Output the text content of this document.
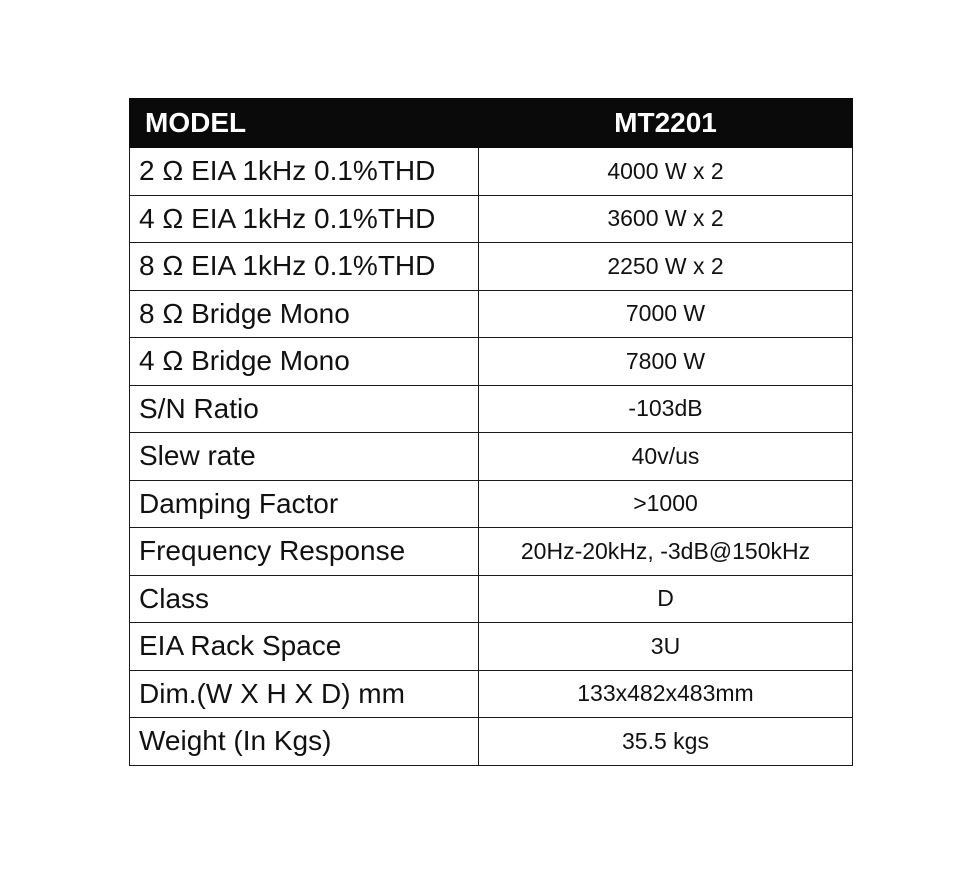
MODEL	MT2201
2 Ω EIA 1kHz 0.1%THD	4000 W x 2
4 Ω EIA 1kHz 0.1%THD	3600 W x 2
8 Ω EIA 1kHz 0.1%THD	2250 W x 2
8 Ω Bridge Mono	7000 W
4 Ω Bridge Mono	7800 W
S/N Ratio	-103dB
Slew rate	40v/us
Damping Factor	>1000
Frequency Response	20Hz-20kHz, -3dB@150kHz
Class	D
EIA Rack Space	3U
Dim.(W X H X D) mm	133x482x483mm
Weight (In Kgs)	35.5 kgs
